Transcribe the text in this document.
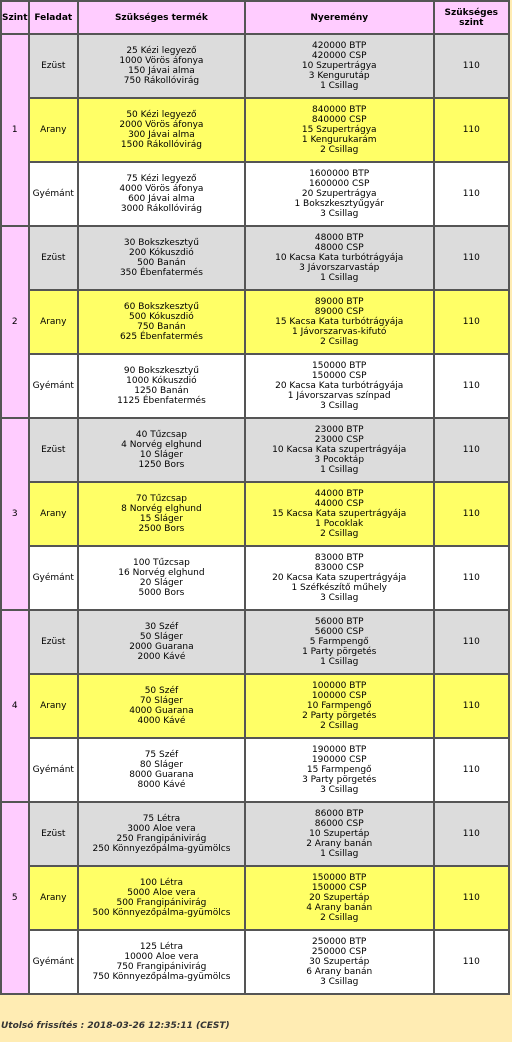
Szint	Feladat	Szükséges termék	Nyeremény	Szükséges szint
1	Ezüst	25 Kézi legyező
1000 Vörös áfonya
150 Jávai alma
750 Rákollóvirág	420000 BTP
420000 CSP
10 Szupertrágya
3 Kengurutáp
1 Csillag	110
	Arany	50 Kézi legyező
2000 Vörös áfonya
300 Jávai alma
1500 Rákollóvirág	840000 BTP
840000 CSP
15 Szupertrágya
1 Kengurukarám
2 Csillag	110
	Gyémánt	75 Kézi legyező
4000 Vörös áfonya
600 Jávai alma
3000 Rákollóvirág	1600000 BTP
1600000 CSP
20 Szupertrágya
1 Bokszkesztyűgyár
3 Csillag	110
2	Ezüst	30 Bokszkesztyű
200 Kókuszdió
500 Banán
350 Ébenfatermés	48000 BTP
48000 CSP
10 Kacsa Kata turbótrágyája
3 Jávorszarvastáp
1 Csillag	110
	Arany	60 Bokszkesztyű
500 Kókuszdió
750 Banán
625 Ébenfatermés	89000 BTP
89000 CSP
15 Kacsa Kata turbótrágyája
1 Jávorszarvas-kifutó
2 Csillag	110
	Gyémánt	90 Bokszkesztyű
1000 Kókuszdió
1250 Banán
1125 Ébenfatermés	150000 BTP
150000 CSP
20 Kacsa Kata turbótrágyája
1 Jávorszarvas színpad
3 Csillag	110
3	Ezüst	40 Tűzcsap
4 Norvég elghund
10 Sláger
1250 Bors	23000 BTP
23000 CSP
10 Kacsa Kata szupertrágyája
3 Pocoktáp
1 Csillag	110
	Arany	70 Tűzcsap
8 Norvég elghund
15 Sláger
2500 Bors	44000 BTP
44000 CSP
15 Kacsa Kata szupertrágyája
1 Pocoklak
2 Csillag	110
	Gyémánt	100 Tűzcsap
16 Norvég elghund
20 Sláger
5000 Bors	83000 BTP
83000 CSP
20 Kacsa Kata szupertrágyája
1 Széfkészítő műhely
3 Csillag	110
4	Ezüst	30 Széf
50 Sláger
2000 Guarana
2000 Kávé	56000 BTP
56000 CSP
5 Farmpengő
1 Party pörgetés
1 Csillag	110
	Arany	50 Széf
70 Sláger
4000 Guarana
4000 Kávé	100000 BTP
100000 CSP
10 Farmpengő
2 Party pörgetés
2 Csillag	110
	Gyémánt	75 Széf
80 Sláger
8000 Guarana
8000 Kávé	190000 BTP
190000 CSP
15 Farmpengő
3 Party pörgetés
3 Csillag	110
5	Ezüst	75 Létra
3000 Aloe vera
250 Frangipánivirág
250 Könnyezőpálma-gyümölcs	86000 BTP
86000 CSP
10 Szupertáp
2 Arany banán
1 Csillag	110
	Arany	100 Létra
5000 Aloe vera
500 Frangipánivirág
500 Könnyezőpálma-gyümölcs	150000 BTP
150000 CSP
20 Szupertáp
4 Arany banán
2 Csillag	110
	Gyémánt	125 Létra
10000 Aloe vera
750 Frangipánivirág
750 Könnyezőpálma-gyümölcs	250000 BTP
250000 CSP
30 Szupertáp
6 Arany banán
3 Csillag	110
Utolsó frissítés : 2018-03-26 12:35:11 (CEST)
